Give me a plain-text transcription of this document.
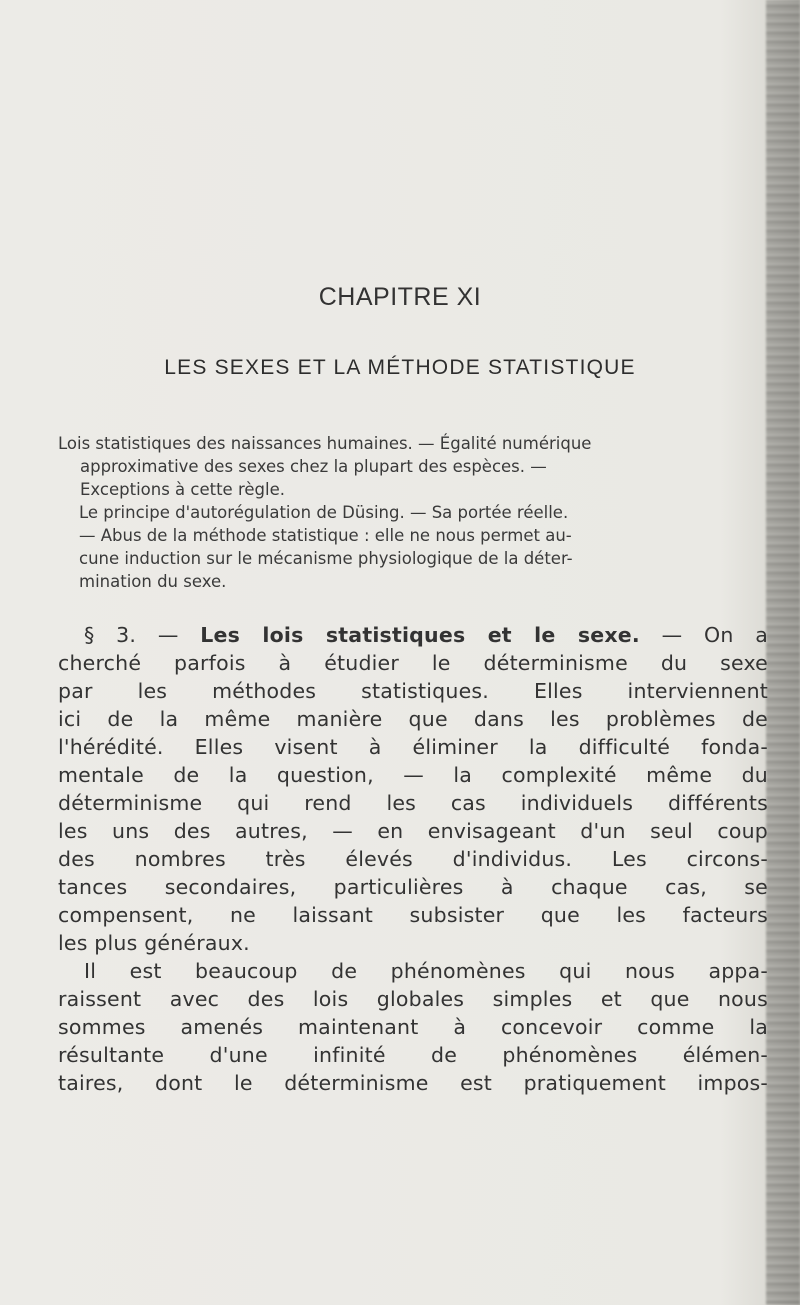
CHAPITRE XI
LES SEXES ET LA MÉTHODE STATISTIQUE
Lois statistiques des naissances humaines. — Égalité numérique
approximative des sexes chez la plupart des espèces. —
Exceptions à cette règle.
Le principe d'autorégulation de Düsing. — Sa portée réelle.
— Abus de la méthode statistique : elle ne nous permet au-
cune induction sur le mécanisme physiologique de la déter-
mination du sexe.
§ 3. — Les lois statistiques et le sexe. — On a
cherché parfois à étudier le déterminisme du sexe
par les méthodes statistiques. Elles interviennent
ici de la même manière que dans les problèmes de
l'hérédité. Elles visent à éliminer la difficulté fonda-
mentale de la question, — la complexité même du
déterminisme qui rend les cas individuels différents
les uns des autres, — en envisageant d'un seul coup
des nombres très élevés d'individus. Les circons-
tances secondaires, particulières à chaque cas, se
compensent, ne laissant subsister que les facteurs
les plus généraux.
Il est beaucoup de phénomènes qui nous appa-
raissent avec des lois globales simples et que nous
sommes amenés maintenant à concevoir comme la
résultante d'une infinité de phénomènes élémen-
taires, dont le déterminisme est pratiquement impos-
